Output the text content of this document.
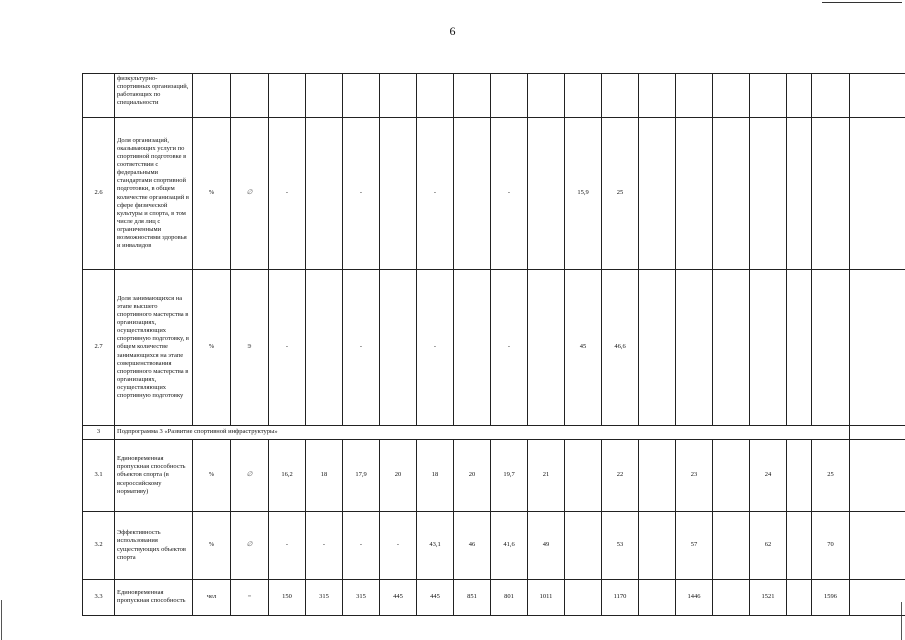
6
	физкультурно-спортивных организаций, работающих по специальности																					
2.6	Доля организаций, оказывающих услуги по спортивной подготовке в соответствии с федеральными стандартами спортивной подготовки, в общем количестве организаций в сфере физической культуры и спорта, в том числе для лиц с ограниченными возможностями здоровья и инвалидов	%	∅	-		-		-		-		15,9	25									
2.7	Доля занимающихся на этапе высшего спортивного мастерства в организациях, осуществляющих спортивную подготовку, в общем количестве занимающихся на этапе совершенствования спортивного мастерства в организациях, осуществляющих спортивную подготовку	%	∋	-		-		-		-		45	46,6									
3	Подпрограмма 3 «Развитие спортивной инфраструктуры»																				
3.1	Единовременная пропускная способность объектов спорта (в всероссийскому нормативу)	%	∅	16,2	18	17,9	20	18	20	19,7	21		22		23		24		25			
3.2	Эффективность использования существующих объектов спорта	%	∅	-	-	-	-	43,1	46	41,6	49		53		57		62		70			
3.3	Единовременная пропускная способность	чел	=	150	315	315	445	445	851	801	1011		1170		1446		1521		1596			
